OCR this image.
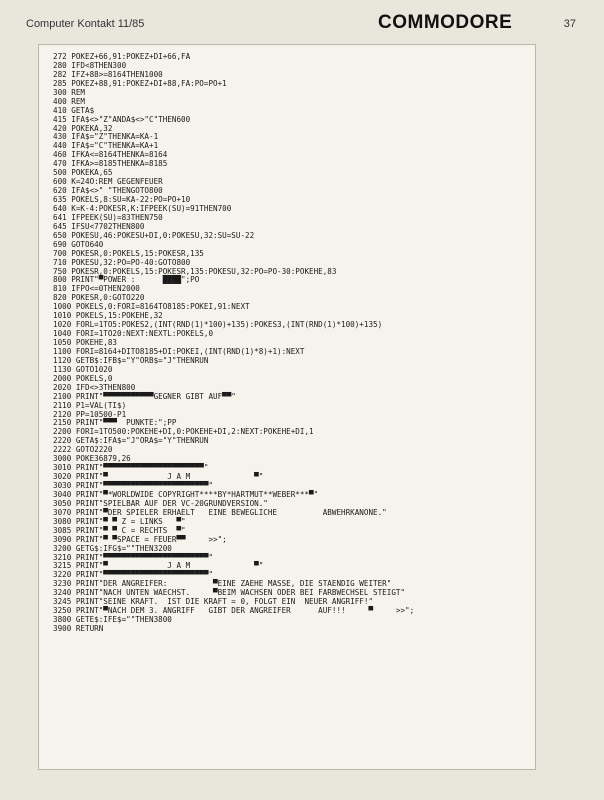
Computer Kontakt 11/85	COMMODORE	37
272 POKEZ+66,91:POKEZ+DI+66,FA
280 IFD<8THEN300
282 IFZ+88>=8164THEN1000
285 POKEZ+88,91:POKEZ+DI+88,FA:PO=PO+1
300 REM
400 REM
410 GETA$
415 IFA$<>"Z"ANDA$<>"C"THEN600
420 POKEKA,32
430 IFA$="Z"THENKA=KA-1
440 IFA$="C"THENKA=KA+1
460 IFKA<=8164THENKA=8164
470 IFKA>=8185THENKA=8185
500 POKEKA,65
600 K=24O:REM GEGENFEUER
620 IFA$<>" "THENGOTO800
635 POKELS,8:SU=KA-22:PO=PO+10
640 K=K-4:POKESR,K:IFPEEK(SU)=91THEN700
641 IFPEEK(SU)=83THEN750
645 IFSU<7702THEN800
650 POKESU,46:POKESU+DI,0:POKESU,32:SU=SU-22
690 GOTO640
700 POKESR,0:POKELS,15:POKESR,135
710 POKESU,32:PO=PO-40:GOTO800
750 POKESR,0:POKELS,15:POKESR,135:POKESU,32:PO=PO-30:POKEHE,83
800 PRINT"▀POWER :      ████";PO
810 IFPO<=0THEN2000
820 POKESR,0:GOTO220
1000 POKELS,0:FORI=8164TO8185:POKEI,91:NEXT
1010 POKELS,15:POKEHE,32
1020 FORL=1TO5:POKES2,(INT(RND(1)*100)+135):POKES3,(INT(RND(1)*100)+135)
1040 FORI=1TO20:NEXT:NEXTL:POKELS,0
1050 POKEHE,83
1100 FORI=8164+DITO8185+DI:POKEI,(INT(RND(1)*8)+1):NEXT
1120 GETB$:IFB$="Y"ORB$="J"THENRUN
1130 GOTO1020
2000 POKELS,0
2020 IFD<>3THEN800
2100 PRINT"▀▀▀▀▀▀▀▀▀▀▀GEGNER GIBT AUF▀▀"
2110 P1=VAL(TI$)
2120 PP=10500-P1
2150 PRINT"▀▀▀  PUNKTE:";PP
2200 FORI=1TO500:POKEHE+DI,0:POKEHE+DI,2:NEXT:POKEHE+DI,1
2220 GETA$:IFA$="J"ORA$="Y"THENRUN
2222 GOTO2220
3000 POKE36879,26
3010 PRINT"▀▀▀▀▀▀▀▀▀▀▀▀▀▀▀▀▀▀▀▀▀▀"
3020 PRINT"▀             J A M              ▀"
3030 PRINT"▀▀▀▀▀▀▀▀▀▀▀▀▀▀▀▀▀▀▀▀▀▀▀"
3040 PRINT"▀*WORLDWIDE COPYRIGHT****BY*HARTMUT**WEBER***▀"
3050 PRINT"SPIELBAR AUF DER VC-20GRUNDVERSION."
3070 PRINT"▀DER SPIELER ERHAELT   EINE BEWEGLICHE          ABWEHRKANONE."
3080 PRINT"▀ ▀ Z = LINKS   ▀"
3085 PRINT"▀ ▀ C = RECHTS  ▀"
3090 PRINT"▀ ▀SPACE = FEUER▀▀     >>";
3200 GETG$:IFG$=""THEN3200
3210 PRINT"▀▀▀▀▀▀▀▀▀▀▀▀▀▀▀▀▀▀▀▀▀▀▀"
3215 PRINT"▀             J A M              ▀"
3220 PRINT"▀▀▀▀▀▀▀▀▀▀▀▀▀▀▀▀▀▀▀▀▀▀▀"
3230 PRINT"DER ANGREIFER:          ▀EINE ZAEHE MASSE, DIE STAENDIG WEITER"
3240 PRINT"NACH UNTEN WAECHST.     ▀BEIM WACHSEN ODER BEI FARBWECHSEL STEIGT"
3245 PRINT"SEINE KRAFT.  IST DIE KRAFT = 0, FOLGT EIN  NEUER ANGRIFF!"
3250 PRINT"▀NACH DEM 3. ANGRIFF   GIBT DER ANGREIFER      AUF!!!     ▀     >>";
3800 GETE$:IFE$=""THEN3800
3900 RETURN
